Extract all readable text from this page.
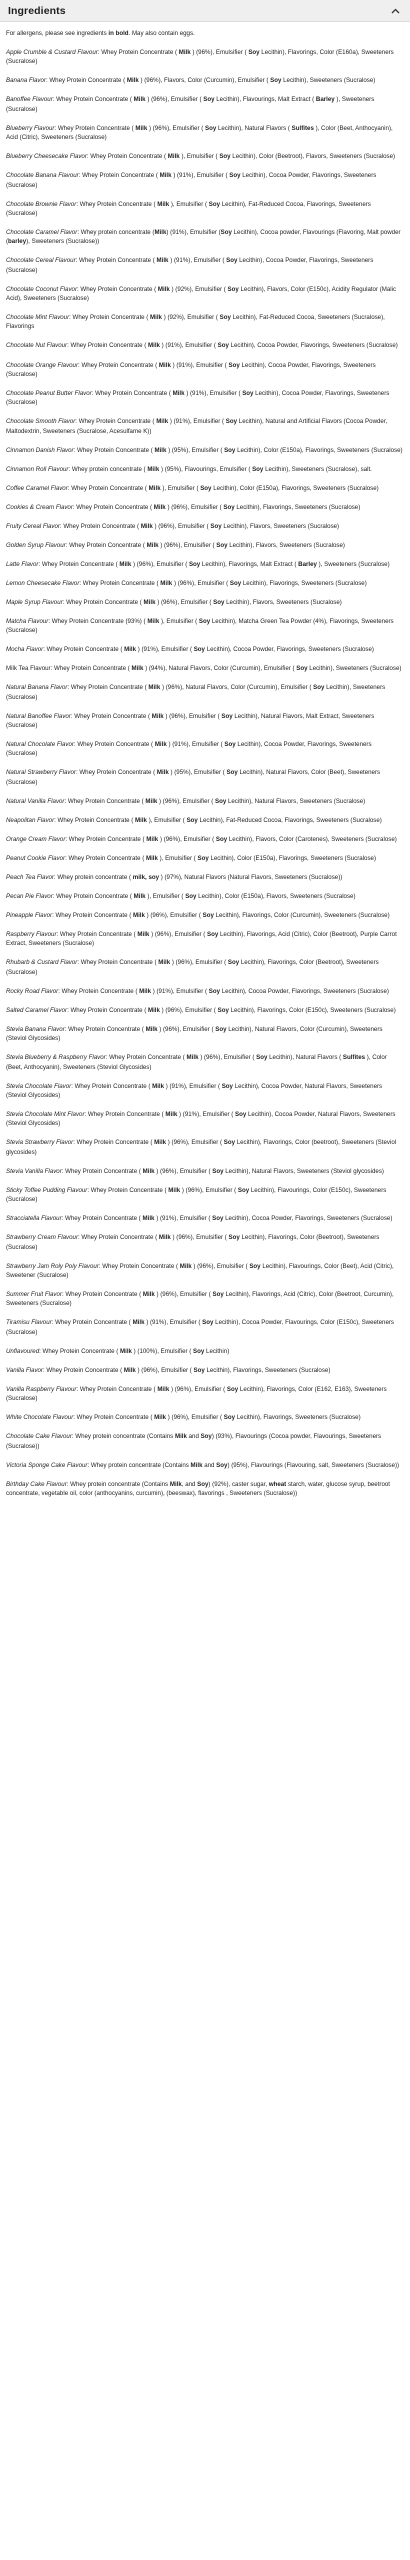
Ingredients
For allergens, please see ingredients in bold. May also contain eggs.
Apple Crumble & Custard Flavour: Whey Protein Concentrate ( Milk ) (96%), Emulsifier ( Soy Lecithin), Flavorings, Color (E160a), Sweeteners (Sucralose)
Banana Flavor: Whey Protein Concentrate ( Milk ) (96%), Flavors, Color (Curcumin), Emulsifier ( Soy Lecithin), Sweeteners (Sucralose)
Banoffee Flavour: Whey Protein Concentrate ( Milk ) (96%), Emulsifier ( Soy Lecithin), Flavourings, Malt Extract ( Barley ), Sweeteners (Sucralose)
Blueberry Flavour: Whey Protein Concentrate ( Milk ) (96%), Emulsifier ( Soy Lecithin), Natural Flavors ( Sulfites ), Color (Beet, Anthocyanin), Acid (Citric), Sweeteners (Sucralose)
Blueberry Cheesecake Flavor: Whey Protein Concentrate ( Milk ), Emulsifier ( Soy Lecithin), Color (Beetroot), Flavors, Sweeteners (Sucralose)
Chocolate Banana Flavour: Whey Protein Concentrate ( Milk ) (91%), Emulsifier ( Soy Lecithin), Cocoa Powder, Flavorings, Sweeteners (Sucralose)
Chocolate Brownie Flavor: Whey Protein Concentrate ( Milk ), Emulsifier ( Soy Lecithin), Fat-Reduced Cocoa, Flavorings, Sweeteners (Sucralose)
Chocolate Caramel Flavor: Whey protein concentrate (Milk) (91%), Emulsifier (Soy Lecithin), Cocoa powder, Flavourings (Flavoring, Malt powder (barley), Sweeteners (Sucralose))
Chocolate Cereal Flavour: Whey Protein Concentrate ( Milk ) (91%), Emulsifier ( Soy Lecithin), Cocoa Powder, Flavorings, Sweeteners (Sucralose)
Chocolate Coconut Flavor: Whey Protein Concentrate ( Milk ) (92%), Emulsifier ( Soy Lecithin), Flavors, Color (E150c), Acidity Regulator (Malic Acid), Sweeteners (Sucralose)
Chocolate Mint Flavour: Whey Protein Concentrate ( Milk ) (92%), Emulsifier ( Soy Lecithin), Fat-Reduced Cocoa, Sweeteners (Sucralose), Flavorings
Chocolate Nut Flavour: Whey Protein Concentrate ( Milk ) (91%), Emulsifier ( Soy Lecithin), Cocoa Powder, Flavorings, Sweeteners (Sucralose)
Chocolate Orange Flavour: Whey Protein Concentrate ( Milk ) (91%), Emulsifier ( Soy Lecithin), Cocoa Powder, Flavorings, Sweeteners (Sucralose)
Chocolate Peanut Butter Flavor: Whey Protein Concentrate ( Milk ) (91%), Emulsifier ( Soy Lecithin), Cocoa Powder, Flavorings, Sweeteners (Sucralose)
Chocolate Smooth Flavor: Whey Protein Concentrate ( Milk ) (91%), Emulsifier ( Soy Lecithin), Natural and Artificial Flavors (Cocoa Powder, Maltodextrin, Sweeteners (Sucralose, Acesulfame K))
Cinnamon Danish Flavor: Whey Protein Concentrate ( Milk ) (95%), Emulsifier ( Soy Lecithin), Color (E150a), Flavorings, Sweeteners (Sucralose)
Cinnamon Roll Flavour: Whey protein concentrate ( Milk ) (95%), Flavourings, Emulsifier ( Soy Lecithin), Sweeteners (Sucralose), salt.
Coffee Caramel Flavor: Whey Protein Concentrate ( Milk ), Emulsifier ( Soy Lecithin), Color (E150a), Flavorings, Sweeteners (Sucralose)
Cookies & Cream Flavor: Whey Protein Concentrate ( Milk ) (96%), Emulsifier ( Soy Lecithin), Flavorings, Sweeteners (Sucralose)
Fruity Cereal Flavor: Whey Protein Concentrate ( Milk ) (96%), Emulsifier ( Soy Lecithin), Flavors, Sweeteners (Sucralose)
Golden Syrup Flavour: Whey Protein Concentrate ( Milk ) (96%), Emulsifier ( Soy Lecithin), Flavors, Sweeteners (Sucralose)
Latte Flavor: Whey Protein Concentrate ( Milk ) (96%), Emulsifier ( Soy Lecithin), Flavorings, Malt Extract ( Barley ), Sweeteners (Sucralose)
Lemon Cheesecake Flavor: Whey Protein Concentrate ( Milk ) (96%), Emulsifier ( Soy Lecithin), Flavorings, Sweeteners (Sucralose)
Maple Syrup Flavour: Whey Protein Concentrate ( Milk ) (96%), Emulsifier ( Soy Lecithin), Flavors, Sweeteners (Sucralose)
Matcha Flavour: Whey Protein Concentrate (93%) ( Milk ), Emulsifier ( Soy Lecithin), Matcha Green Tea Powder (4%), Flavorings, Sweeteners (Sucralose)
Mocha Flavor: Whey Protein Concentrate ( Milk ) (91%), Emulsifier ( Soy Lecithin), Cocoa Powder, Flavorings, Sweeteners (Sucralose)
Milk Tea Flavour: Whey Protein Concentrate ( Milk ) (94%), Natural Flavors, Color (Curcumin), Emulsifier ( Soy Lecithin), Sweeteners (Sucralose)
Natural Banana Flavor: Whey Protein Concentrate ( Milk ) (96%), Natural Flavors, Color (Curcumin), Emulsifier ( Soy Lecithin), Sweeteners (Sucralose)
Natural Banoffee Flavor: Whey Protein Concentrate ( Milk ) (96%), Emulsifier ( Soy Lecithin), Natural Flavors, Malt Extract, Sweeteners (Sucralose)
Natural Chocolate Flavor: Whey Protein Concentrate ( Milk ) (91%), Emulsifier ( Soy Lecithin), Cocoa Powder, Flavorings, Sweeteners (Sucralose)
Natural Strawberry Flavor: Whey Protein Concentrate ( Milk ) (95%), Emulsifier ( Soy Lecithin), Natural Flavors, Color (Beet), Sweeteners (Sucralose)
Natural Vanilla Flavor: Whey Protein Concentrate ( Milk ) (96%), Emulsifier ( Soy Lecithin), Natural Flavors, Sweeteners (Sucralose)
Neapolitan Flavor: Whey Protein Concentrate ( Milk ), Emulsifier ( Soy Lecithin), Fat-Reduced Cocoa, Flavorings, Sweeteners (Sucralose)
Orange Cream Flavor: Whey Protein Concentrate ( Milk ) (96%), Emulsifier ( Soy Lecithin), Flavors, Color (Carotenes), Sweeteners (Sucralose)
Peanut Cookie Flavor: Whey Protein Concentrate ( Milk ), Emulsifier ( Soy Lecithin), Color (E150a), Flavorings, Sweeteners (Sucralose)
Peach Tea Flavor: Whey protein concentrate ( milk, soy ) (97%), Natural Flavors (Natural Flavors, Sweeteners (Sucralose))
Pecan Pie Flavor: Whey Protein Concentrate ( Milk ), Emulsifier ( Soy Lecithin), Color (E150a), Flavors, Sweeteners (Sucralose)
Pineapple Flavor: Whey Protein Concentrate ( Milk ) (96%), Emulsifier ( Soy Lecithin), Flavorings, Color (Curcumin), Sweeteners (Sucralose)
Raspberry Flavour: Whey Protein Concentrate ( Milk ) (96%), Emulsifier ( Soy Lecithin), Flavorings, Acid (Citric), Color (Beetroot), Purple Carrot Extract, Sweeteners (Sucralose)
Rhubarb & Custard Flavor: Whey Protein Concentrate ( Milk ) (96%), Emulsifier ( Soy Lecithin), Flavorings, Color (Beetroot), Sweeteners (Sucralose)
Rocky Road Flavor: Whey Protein Concentrate ( Milk ) (91%), Emulsifier ( Soy Lecithin), Cocoa Powder, Flavorings, Sweeteners (Sucralose)
Salted Caramel Flavor: Whey Protein Concentrate ( Milk ) (96%), Emulsifier ( Soy Lecithin), Flavorings, Color (E150c), Sweeteners (Sucralose)
Stevia Banana Flavor: Whey Protein Concentrate ( Milk ) (96%), Emulsifier ( Soy Lecithin), Natural Flavors, Color (Curcumin), Sweeteners (Steviol Glycosides)
Stevia Blueberry & Raspberry Flavor: Whey Protein Concentrate ( Milk ) (96%), Emulsifier ( Soy Lecithin), Natural Flavors ( Sulfites ), Color (Beet, Anthocyanin), Sweeteners (Steviol Glycosides)
Stevia Chocolate Flavor: Whey Protein Concentrate ( Milk ) (91%), Emulsifier ( Soy Lecithin), Cocoa Powder, Natural Flavors, Sweeteners (Steviol Glycosides)
Stevia Chocolate Mint Flavor: Whey Protein Concentrate ( Milk ) (91%), Emulsifier ( Soy Lecithin), Cocoa Powder, Natural Flavors, Sweeteners (Steviol Glycosides)
Stevia Strawberry Flavor: Whey Protein Concentrate ( Milk ) (96%), Emulsifier ( Soy Lecithin), Flavorings, Color (beetroot), Sweeteners (Steviol glycosides)
Stevia Vanilla Flavor: Whey Protein Concentrate ( Milk ) (96%), Emulsifier ( Soy Lecithin), Natural Flavors, Sweeteners (Steviol glycosides)
Sticky Toffee Pudding Flavour: Whey Protein Concentrate ( Milk ) (96%), Emulsifier ( Soy Lecithin), Flavourings, Color (E150c), Sweeteners (Sucralose)
Stracciatella Flavour: Whey Protein Concentrate ( Milk ) (91%), Emulsifier ( Soy Lecithin), Cocoa Powder, Flavorings, Sweeteners (Sucralose)
Strawberry Cream Flavour: Whey Protein Concentrate ( Milk ) (96%), Emulsifier ( Soy Lecithin), Flavorings, Color (Beetroot), Sweeteners (Sucralose)
Strawberry Jam Roly Poly Flavour: Whey Protein Concentrate ( Milk ) (96%), Emulsifier ( Soy Lecithin), Flavourings, Color (Beet), Acid (Citric), Sweetener (Sucralose)
Summer Fruit Flavor: Whey Protein Concentrate ( Milk ) (96%), Emulsifier ( Soy Lecithin), Flavorings, Acid (Citric), Color (Beetroot, Curcumin), Sweeteners (Sucralose)
Tiramisu Flavour: Whey Protein Concentrate ( Milk ) (91%), Emulsifier ( Soy Lecithin), Cocoa Powder, Flavourings, Color (E150c), Sweeteners (Sucralose)
Unflavoured: Whey Protein Concentrate ( Milk ) (100%), Emulsifier ( Soy Lecithin)
Vanilla Flavor: Whey Protein Concentrate ( Milk ) (96%), Emulsifier ( Soy Lecithin), Flavorings, Sweeteners (Sucralose)
Vanilla Raspberry Flavour: Whey Protein Concentrate ( Milk ) (96%), Emulsifier ( Soy Lecithin), Flavorings, Color (E162, E163), Sweeteners (Sucralose)
White Chocolate Flavour: Whey Protein Concentrate ( Milk ) (96%), Emulsifier ( Soy Lecithin), Flavorings, Sweeteners (Sucralose)
Chocolate Cake Flavour: Whey protein concentrate (Contains Milk and Soy) (93%), Flavourings (Cocoa powder, Flavourings, Sweeteners (Sucralose))
Victoria Sponge Cake Flavour: Whey protein concentrate (Contains Milk and Soy) (95%), Flavourings (Flavouring, salt, Sweeteners (Sucralose))
Birthday Cake Flavour: Whey protein concentrate (Contains Milk, and Soy) (92%), caster sugar, wheat starch, water, glucose syrup, beetroot concentrate, vegetable oil, color (anthocyanins, curcumin), (beeswax), flavorings , Sweeteners (Sucralose))
